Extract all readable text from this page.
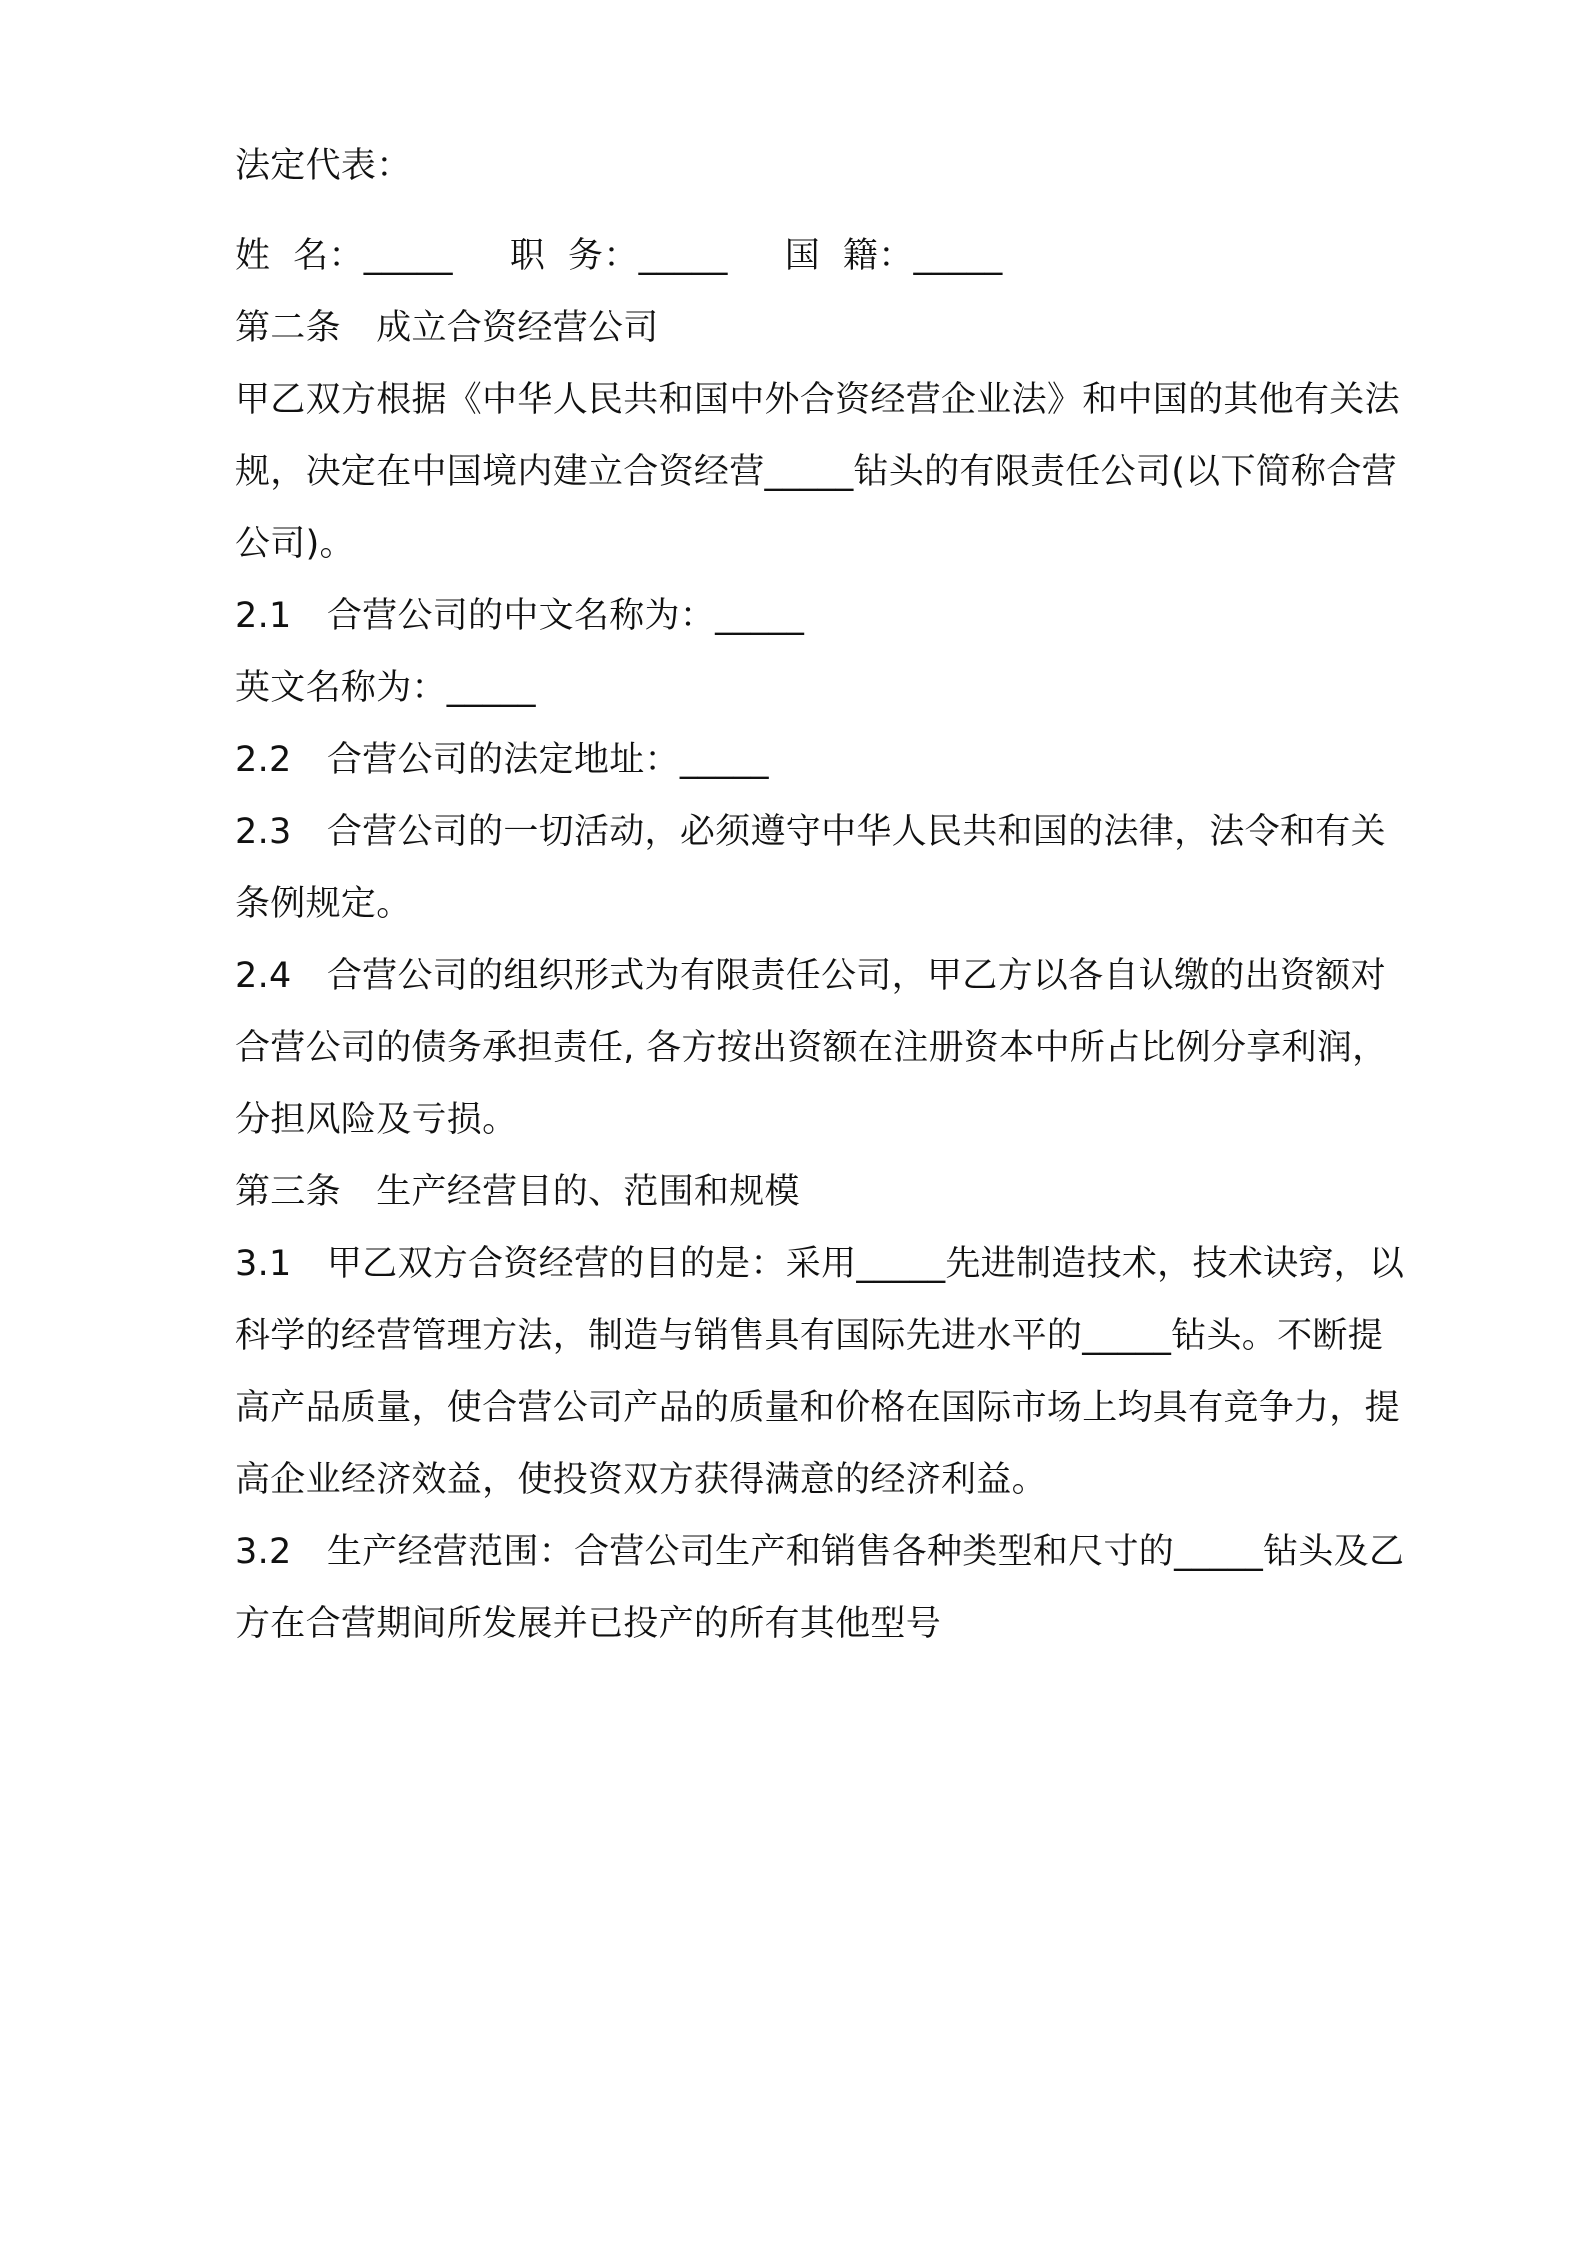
法定代表：

姓  名：_____     职  务：_____     国  籍：_____

第二条　成立合资经营公司

甲乙双方根据《中华人民共和国中外合资经营企业法》和中国的其他有关法规，决定在中国境内建立合资经营_____钻头的有限责任公司(以下简称合营公司)。

2.1　合营公司的中文名称为：_____

英文名称为：_____

2.2　合营公司的法定地址：_____

2.3　合营公司的一切活动，必须遵守中华人民共和国的法律，法令和有关条例规定。

2.4　合营公司的组织形式为有限责任公司，甲乙方以各自认缴的出资额对合营公司的债务承担责任, 各方按出资额在注册资本中所占比例分享利润，分担风险及亏损。

第三条　生产经营目的、范围和规模

3.1　甲乙双方合资经营的目的是：采用_____先进制造技术，技术诀窍，以科学的经营管理方法，制造与销售具有国际先进水平的_____钻头。不断提高产品质量，使合营公司产品的质量和价格在国际市场上均具有竞争力，提高企业经济效益，使投资双方获得满意的经济利益。

3.2　生产经营范围：合营公司生产和销售各种类型和尺寸的_____钻头及乙方在合营期间所发展并已投产的所有其他型号
